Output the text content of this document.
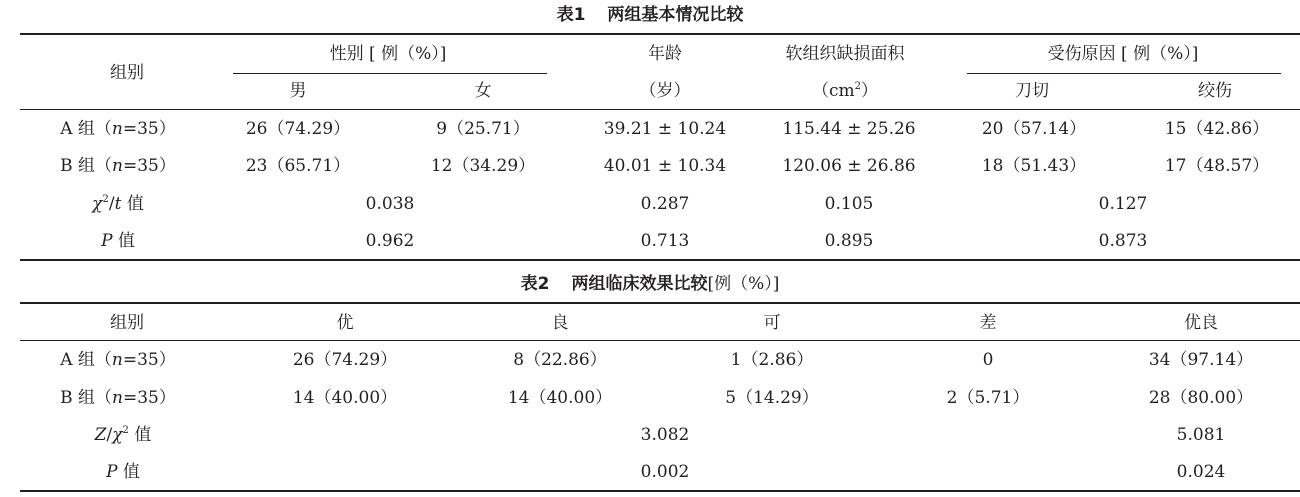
表1 两组基本情况比较
组别
性别 [ 例（%）]	年龄	软组织缺损面积	受伤原因 [ 例（%）]
男	女	（岁）	$(cm^2)$	刀切	绞伤
A 组（n=35）	26（74.29）	9（25.71）	39.21 ± 10.24	115.44 ± 25.26	20（57.14）	15（42.86）
B 组（n=35）	23（65.71）	12（34.29）	40.01 ± 10.34	120.06 ± 26.86	18（51.43）	17（48.57）
$\chi^2/t$ 值	0.038	0.287	0.105	0.127
P 值	0.962	0.713	0.895	0.873
表2 两组临床效果比较[例（%）]
组别	优	良	可	差	优良
A 组（n=35）	26（74.29）	8（22.86）	1（2.86）	0	34（97.14）
B 组（n=35）	14（40.00）	14（40.00）	5（14.29）	2（5.71）	28（80.00）
$Z/\chi^2$ 值	3.082	5.081
P 值	0.002	0.024
